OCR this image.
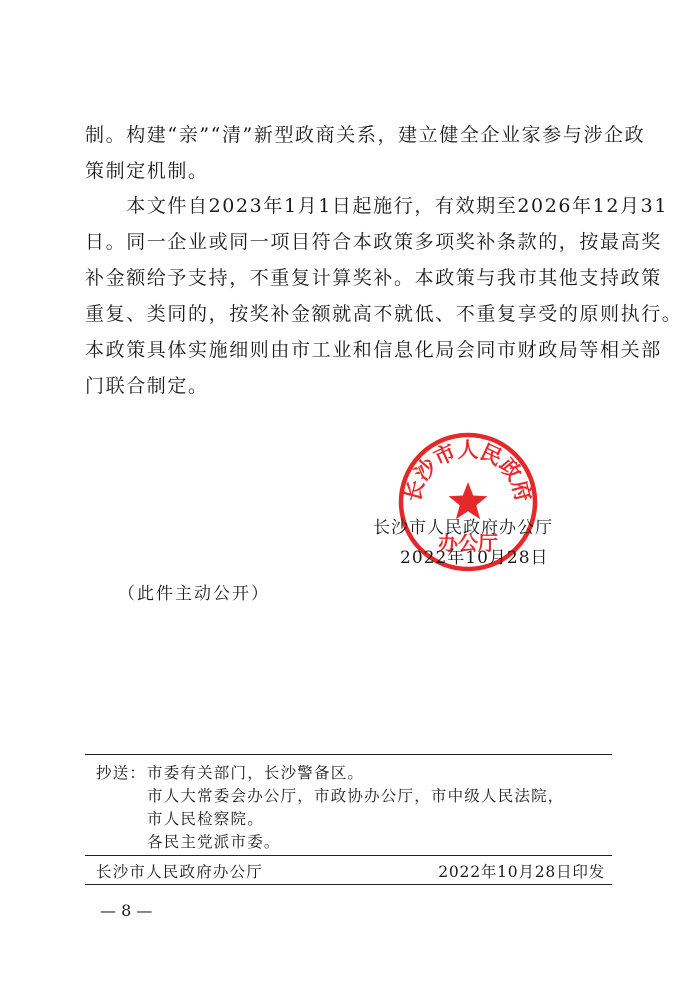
制。构建“亲”“清”新型政商关系，建立健全企业家参与涉企政
策制定机制。

　　本文件自2023年1月1日起施行，有效期至2026年12月31
日。同一企业或同一项目符合本政策多项奖补条款的，按最高奖
补金额给予支持，不重复计算奖补。本政策与我市其他支持政策
重复、类同的，按奖补金额就高不就低、不重复享受的原则执行。
本政策具体实施细则由市工业和信息化局会同市财政局等相关部
门联合制定。

长沙市人民政府
办公厅
长沙市人民政府办公厅
2022年10月28日
（此件主动公开）
抄送： 市委有关部门，长沙警备区。
市人大常委会办公厅，市政协办公厅，市中级人民法院，
市人民检察院。
各民主党派市委。
长沙市人民政府办公厅	2022年10月28日印发
— 8 —
